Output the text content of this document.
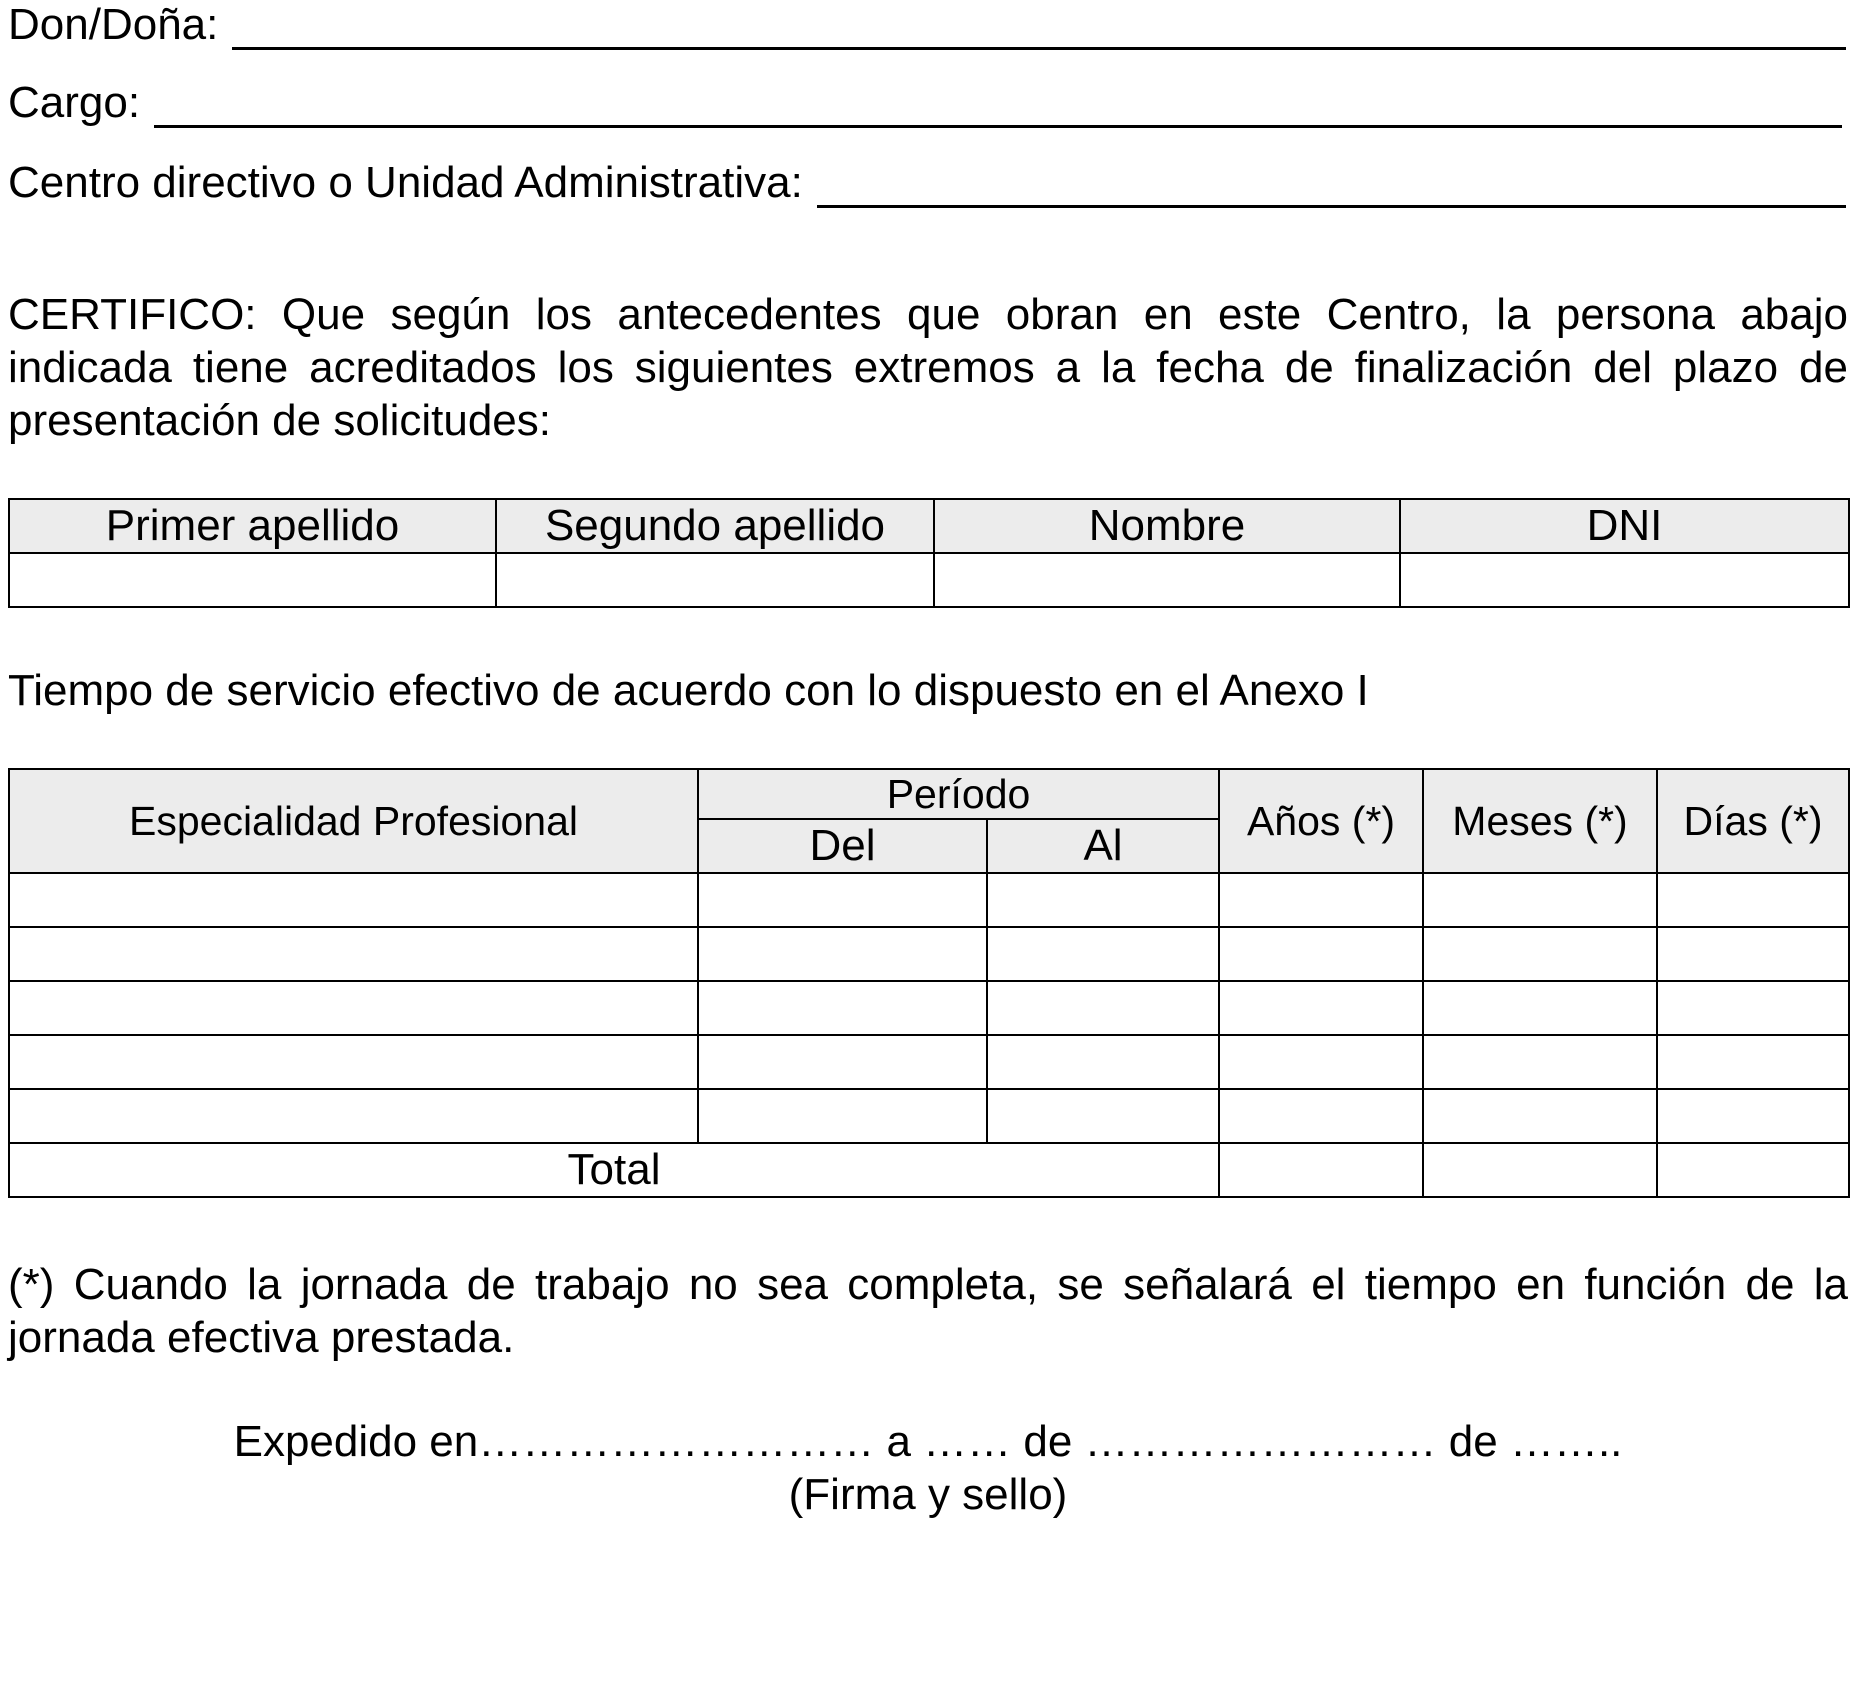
Don/Doña:
Cargo:
Centro directivo o Unidad Administrativa:
CERTIFICO: Que según los antecedentes que obran en este Centro, la persona abajo indicada tiene acreditados los siguientes extremos a la fecha de finalización del plazo de presentación de solicitudes:
Primer apellido	Segundo apellido	Nombre	DNI

Tiempo de servicio efectivo de acuerdo con lo dispuesto en el Anexo I
Especialidad Profesional	Período		Años (*)	Meses (*)	Días (*)
	Del	Al			

Total					
(*) Cuando la jornada de trabajo no sea completa, se señalará el tiempo en función de la jornada efectiva prestada.
Expedido en……………………… a …… de …………………… de ……..
(Firma y sello)
